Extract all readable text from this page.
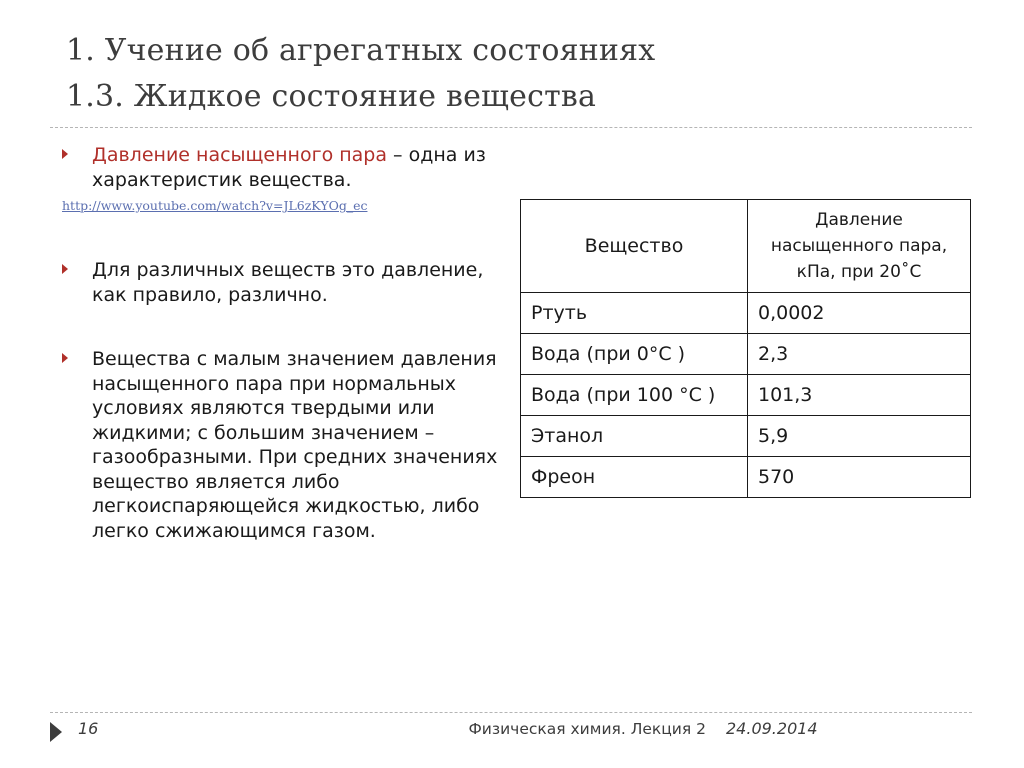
1. Учение об агрегатных состояниях
1.3. Жидкое состояние вещества
Давление насыщенного пара – одна из характеристик вещества.
http://www.youtube.com/watch?v=JL6zKYOg_ec
Для различных веществ это давление, как правило, различно.
Вещества с малым значением давления насыщенного пара при нормальных условиях являются твердыми или жидкими; с большим значением – газообразными. При средних значениях вещество является либо легкоиспаряющейся жидкостью, либо легко сжижающимся газом.
Вещество	Давление насыщенного пара, кПа, при 20˚С
Ртуть	0,0002
Вода (при 0°С )	2,3
Вода (при 100 °С )	101,3
Этанол	5,9
Фреон	570
16	Физическая химия. Лекция 2 24.09.2014
